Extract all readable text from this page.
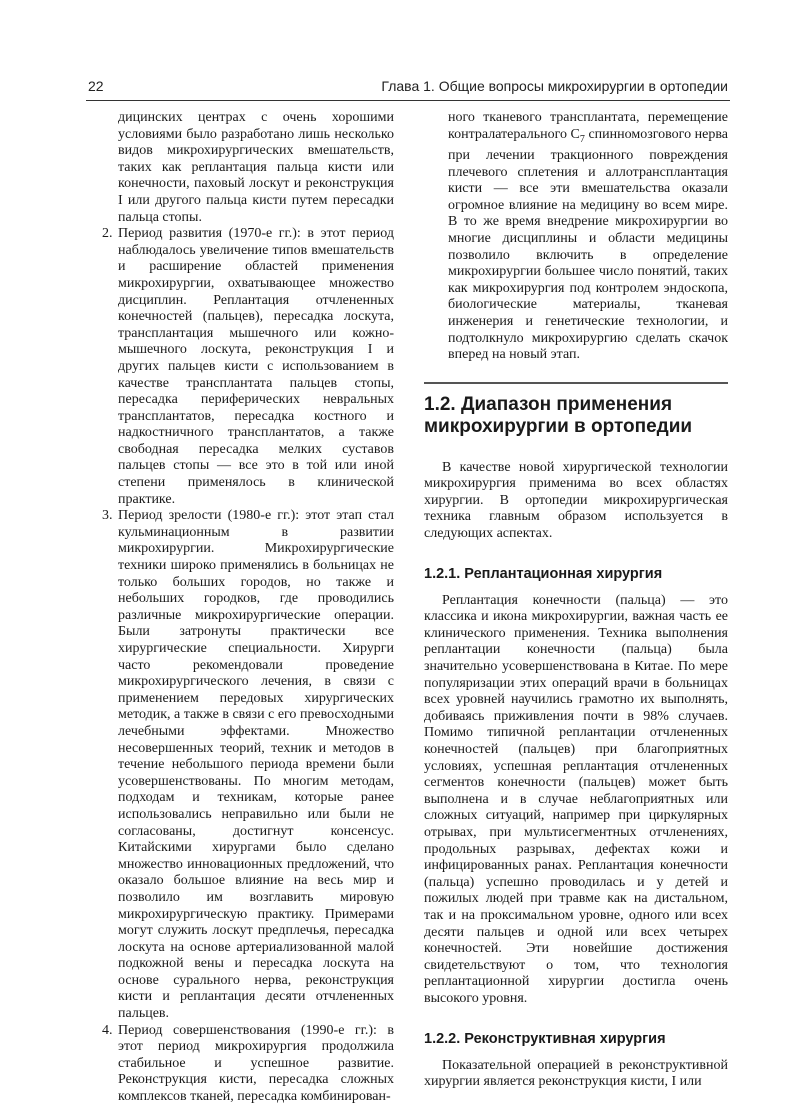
22	Глава 1. Общие вопросы микрохирургии в ортопедии

дицинских центрах с очень хорошими условиями было разработано лишь несколько видов микрохирургических вмешательств, таких как реплантация пальца кисти или конечности, паховый лоскут и реконструкция I или другого пальца кисти путем пересадки пальца стопы.

2. Период развития (1970-е гг.): в этот период наблюдалось увеличение типов вмешательств и расширение областей применения микрохирургии, охватывающее множество дисциплин. Реплантация отчлененных конечностей (пальцев), пересадка лоскута, трансплантация мышечного или кожно-мышечного лоскута, реконструкция I и других пальцев кисти с использованием в качестве трансплантата пальцев стопы, пересадка периферических невральных трансплантатов, пересадка костного и надкостничного трансплантатов, а также свободная пересадка мелких суставов пальцев стопы — все это в той или иной степени применялось в клинической практике.
3. Период зрелости (1980-е гг.): этот этап стал кульминационным в развитии микрохирургии. Микрохирургические техники широко применялись в больницах не только больших городов, но также и небольших городков, где проводились различные микрохирургические операции. Были затронуты практически все хирургические специальности. Хирурги часто рекомендовали проведение микрохирургического лечения, в связи с применением передовых хирургических методик, а также в связи с его превосходными лечебными эффектами. Множество несовершенных теорий, техник и методов в течение небольшого периода времени были усовершенствованы. По многим методам, подходам и техникам, которые ранее использовались неправильно или были не согласованы, достигнут консенсус. Китайскими хирургами было сделано множество инновационных предложений, что оказало большое влияние на весь мир и позволило им возглавить мировую микрохирургическую практику. Примерами могут служить лоскут предплечья, пересадка лоскута на основе артериализованной малой подкожной вены и пересадка лоскута на основе сурального нерва, реконструкция кисти и реплантация десяти отчлененных пальцев.
4. Период совершенствования (1990-е гг.): в этот период микрохирургия продолжила стабильное и успешное развитие. Реконструкция кисти, пересадка сложных комплексов тканей, пересадка комбинирован-

ного тканевого трансплантата, перемещение контралатерального $C_7$ спинномозгового нерва при лечении тракционного повреждения плечевого сплетения и аллотрансплантация кисти — все эти вмешательства оказали огромное влияние на медицину во всем мире. В то же время внедрение микрохирургии во многие дисциплины и области медицины позволило включить в определение микрохирургии большее число понятий, таких как микрохирургия под контролем эндоскопа, биологические материалы, тканевая инженерия и генетические технологии, и подтолкнуло микрохирургию сделать скачок вперед на новый этап.

1.2. Диапазон применения микрохирургии в ортопедии

В качестве новой хирургической технологии микрохирургия применима во всех областях хирургии. В ортопедии микрохирургическая техника главным образом используется в следующих аспектах.

1.2.1. Реплантационная хирургия

Реплантация конечности (пальца) — это классика и икона микрохирургии, важная часть ее клинического применения. Техника выполнения реплантации конечности (пальца) была значительно усовершенствована в Китае. По мере популяризации этих операций врачи в больницах всех уровней научились грамотно их выполнять, добиваясь приживления почти в 98% случаев. Помимо типичной реплантации отчлененных конечностей (пальцев) при благоприятных условиях, успешная реплантация отчлененных сегментов конечности (пальцев) может быть выполнена и в случае неблагоприятных или сложных ситуаций, например при циркулярных отрывах, при мультисегментных отчленениях, продольных разрывах, дефектах кожи и инфицированных ранах. Реплантация конечности (пальца) успешно проводилась и у детей и пожилых людей при травме как на дистальном, так и на проксимальном уровне, одного или всех десяти пальцев и одной или всех четырех конечностей. Эти новейшие достижения свидетельствуют о том, что технология реплантационной хирургии достигла очень высокого уровня.

1.2.2. Реконструктивная хирургия

Показательной операцией в реконструктивной хирургии является реконструкция кисти, I или
